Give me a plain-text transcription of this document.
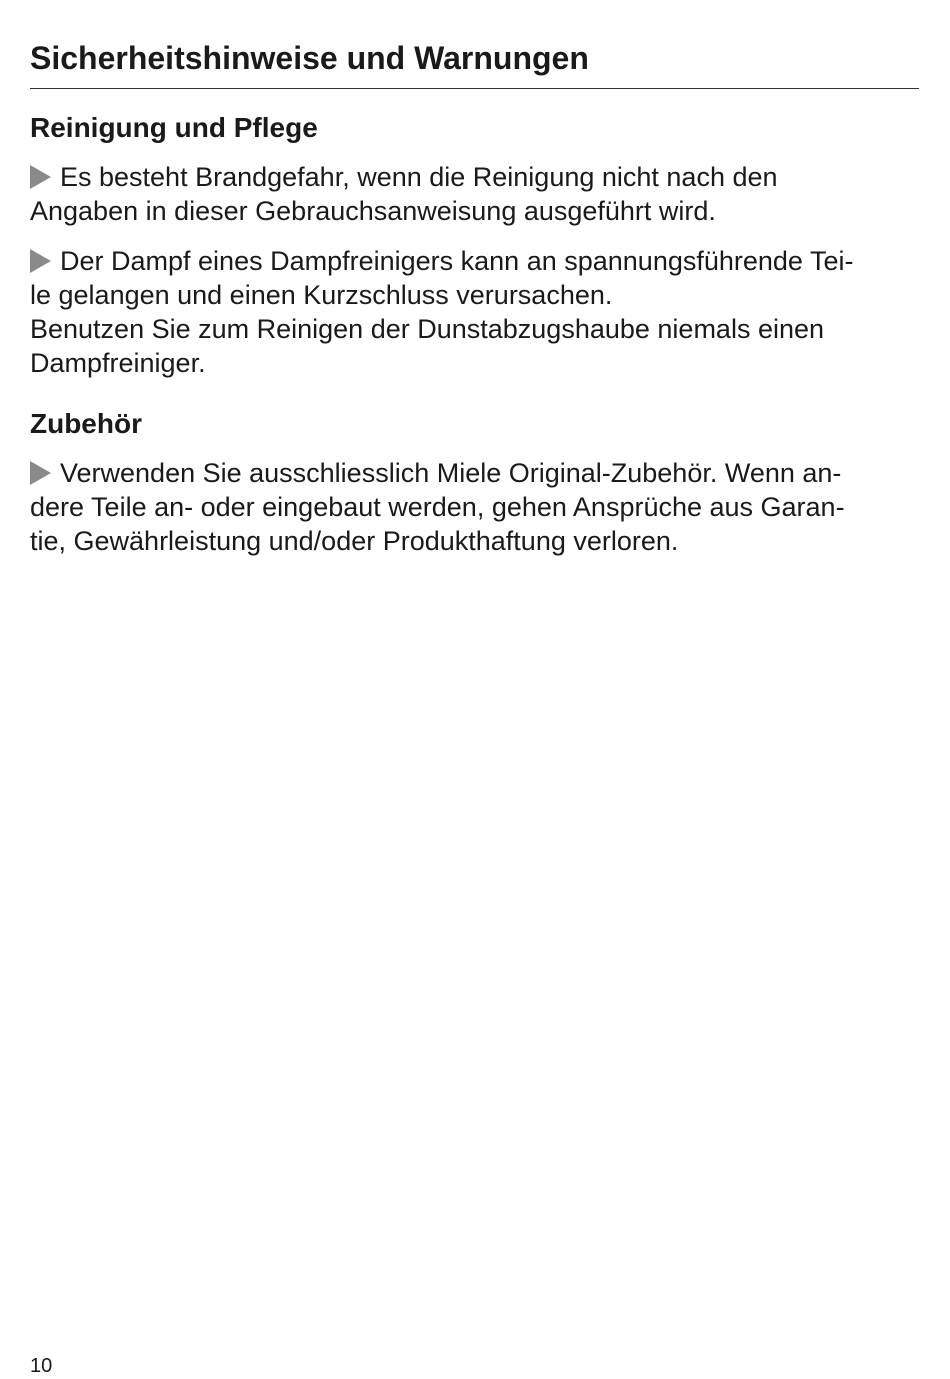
Sicherheitshinweise und Warnungen
Reinigung und Pflege

Es besteht Brandgefahr, wenn die Reinigung nicht nach den

Angaben in dieser Gebrauchsanweisung ausgeführt wird.

Der Dampf eines Dampfreinigers kann an spannungsführende Tei-

le gelangen und einen Kurzschluss verursachen.

Benutzen Sie zum Reinigen der Dunstabzugshaube niemals einen

Dampfreiniger.

Zubehör

Verwenden Sie ausschliesslich Miele Original-Zubehör. Wenn an-

dere Teile an- oder eingebaut werden, gehen Ansprüche aus Garan-

tie, Gewährleistung und/oder Produkthaftung verloren.

10
